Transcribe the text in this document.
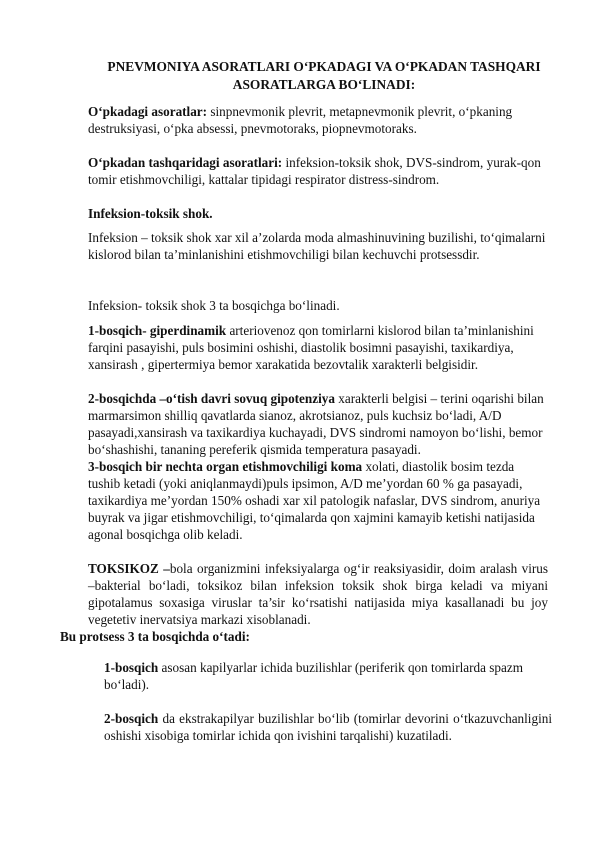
PNEVMONIYA ASORATLARI O‘PKADAGI VA O‘PKADAN TASHQARI
ASORATLARGA BO‘LINADI:
O‘pkadagi asoratlar: sinpnevmonik plevrit, metapnevmonik plevrit, o‘pkaning destruksiyasi, o‘pka absessi, pnevmotoraks, piopnevmotoraks.
O‘pkadan tashqaridagi asoratlari: infeksion-toksik shok, DVS-sindrom, yurak-qon tomir etishmovchiligi, kattalar tipidagi respirator distress-sindrom.
Infeksion-toksik shok.
Infeksion – toksik shok xar xil a’zolarda moda almashinuvining buzilishi, to‘qimalarni kislorod bilan ta’minlanishini etishmovchiligi bilan kechuvchi protsessdir.
Infeksion- toksik shok 3 ta bosqichga bo‘linadi.
1-bosqich- giperdinamik arteriovenoz qon tomirlarni kislorod bilan ta’minlanishini farqini pasayishi, puls bosimini oshishi, diastolik bosimni pasayishi, taxikardiya, xansirash , gipertermiya bemor xarakatida bezovtalik xarakterli belgisidir.
2-bosqichda –o‘tish davri sovuq gipotenziya xarakterli belgisi – terini oqarishi bilan marmarsimon shilliq qavatlarda sianoz, akrotsianoz, puls kuchsiz bo‘ladi, A/D pasayadi,xansirash va taxikardiya kuchayadi, DVS sindromi namoyon bo‘lishi, bemor bo‘shashishi, tananing pereferik qismida temperatura pasayadi.
3-bosqich bir nechta organ etishmovchiligi koma xolati, diastolik bosim tezda tushib ketadi (yoki aniqlanmaydi)puls ipsimon, A/D me’yordan 60 % ga pasayadi, taxikardiya me’yordan 150% oshadi xar xil patologik nafaslar, DVS sindrom, anuriya buyrak va jigar etishmovchiligi, to‘qimalarda qon xajmini kamayib ketishi natijasida agonal bosqichga olib keladi.
TOKSIKOZ –bola organizmini infeksiyalarga og‘ir reaksiyasidir, doim aralash virus –bakterial bo‘ladi, toksikoz bilan infeksion toksik shok birga keladi va miyani gipotalamus soxasiga viruslar ta’sir ko‘rsatishi natijasida miya kasallanadi bu joy vegetetiv inervatsiya markazi xisoblanadi.
Bu protsess 3 ta bosqichda o‘tadi:
1-bosqich asosan kapilyarlar ichida buzilishlar (periferik qon tomirlarda spazm bo‘ladi).
2-bosqich da ekstrakapilyar buzilishlar bo‘lib (tomirlar devorini o‘tkazuvchanligini oshishi xisobiga tomirlar ichida qon ivishini tarqalishi) kuzatiladi.
